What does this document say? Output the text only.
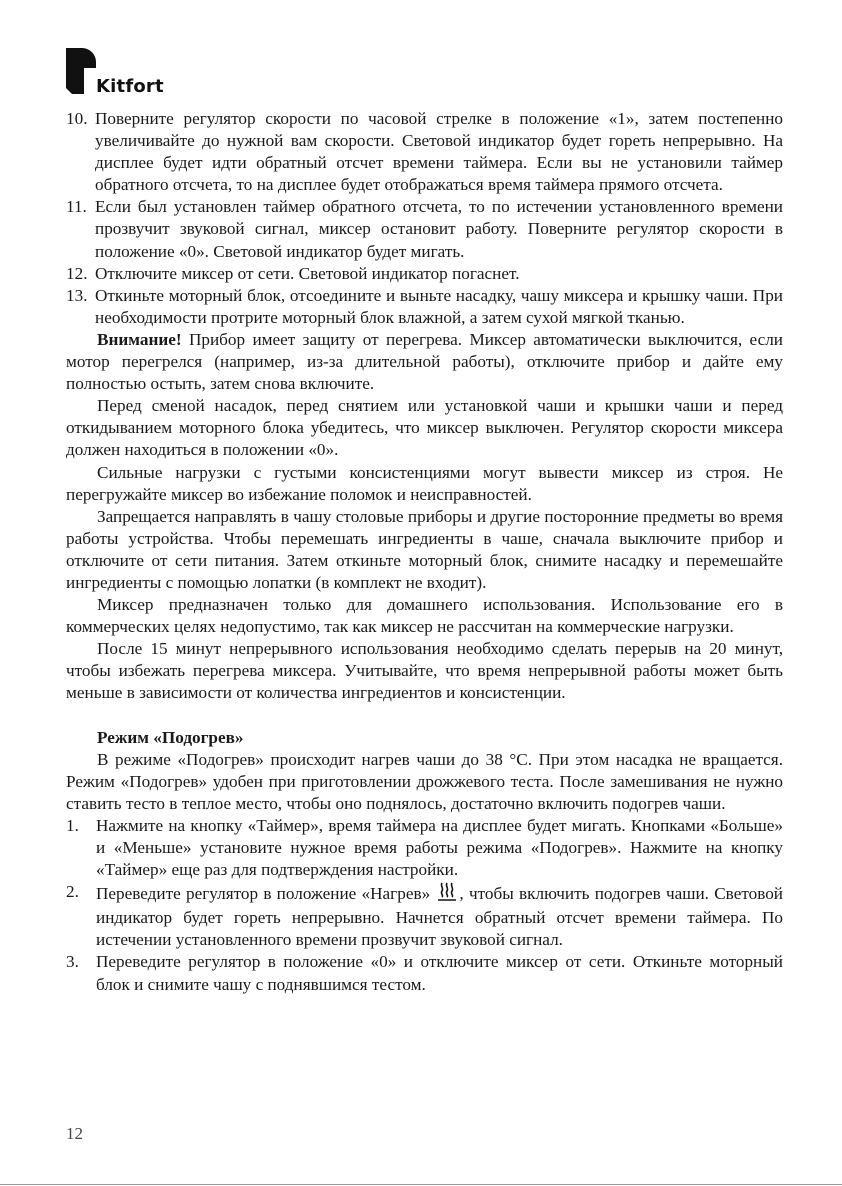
Kitfort
10. Поверните регулятор скорости по часовой стрелке в положение «1», затем постепенно увеличивайте до нужной вам скорости. Световой индикатор будет гореть непрерывно. На дисплее будет идти обратный отсчет времени таймера. Если вы не установили таймер обратного отсчета, то на дисплее будет отображаться время таймера прямого отсчета.
11. Если был установлен таймер обратного отсчета, то по истечении установленного времени прозвучит звуковой сигнал, миксер остановит работу. Поверните регулятор скорости в положение «0». Световой индикатор будет мигать.
12. Отключите миксер от сети. Световой индикатор погаснет.
13. Откиньте моторный блок, отсоедините и выньте насадку, чашу миксера и крышку чаши. При необходимости протрите моторный блок влажной, а затем сухой мягкой тканью.
Внимание! Прибор имеет защиту от перегрева. Миксер автоматически выключится, если мотор перегрелся (например, из-за длительной работы), отключите прибор и дайте ему полностью остыть, затем снова включите.
Перед сменой насадок, перед снятием или установкой чаши и крышки чаши и перед откидыванием моторного блока убедитесь, что миксер выключен. Регулятор скорости миксера должен находиться в положении «0».
Сильные нагрузки с густыми консистенциями могут вывести миксер из строя. Не перегружайте миксер во избежание поломок и неисправностей.
Запрещается направлять в чашу столовые приборы и другие посторонние предметы во время работы устройства. Чтобы перемешать ингредиенты в чаше, сначала выключите прибор и отключите от сети питания. Затем откиньте моторный блок, снимите насадку и перемешайте ингредиенты с помощью лопатки (в комплект не входит).
Миксер предназначен только для домашнего использования. Использование его в коммерческих целях недопустимо, так как миксер не рассчитан на коммерческие нагрузки.
После 15 минут непрерывного использования необходимо сделать перерыв на 20 минут, чтобы избежать перегрева миксера. Учитывайте, что время непрерывной работы может быть меньше в зависимости от количества ингредиентов и консистенции.
Режим «Подогрев»
В режиме «Подогрев» происходит нагрев чаши до 38 °С. При этом насадка не вращается. Режим «Подогрев» удобен при приготовлении дрожжевого теста. После замешивания не нужно ставить тесто в теплое место, чтобы оно поднялось, достаточно включить подогрев чаши.
1. Нажмите на кнопку «Таймер», время таймера на дисплее будет мигать. Кнопками «Больше» и «Меньше» установите нужное время работы режима «Подогрев». Нажмите на кнопку «Таймер» еще раз для подтверждения настройки.
2. Переведите регулятор в положение «Нагрев» , чтобы включить подогрев чаши. Световой индикатор будет гореть непрерывно. Начнется обратный отсчет времени таймера. По истечении установленного времени прозвучит звуковой сигнал.
3. Переведите регулятор в положение «0» и отключите миксер от сети. Откиньте моторный блок и снимите чашу с поднявшимся тестом.
12
